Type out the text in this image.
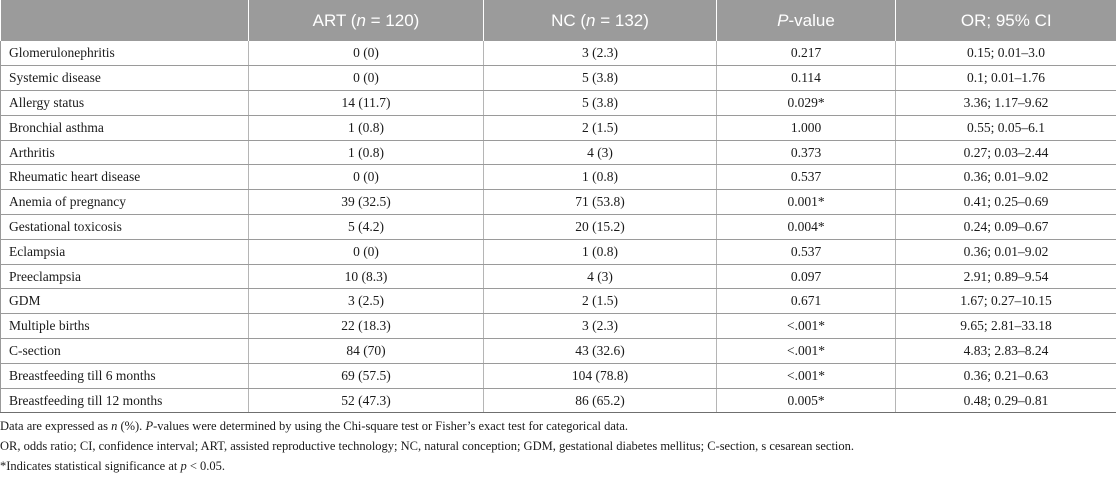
	ART (n = 120)	NC (n = 132)	P-value	OR; 95% CI
Glomerulonephritis	0 (0)	3 (2.3)	0.217	0.15; 0.01–3.0
Systemic disease	0 (0)	5 (3.8)	0.114	0.1; 0.01–1.76
Allergy status	14 (11.7)	5 (3.8)	0.029*	3.36; 1.17–9.62
Bronchial asthma	1 (0.8)	2 (1.5)	1.000	0.55; 0.05–6.1
Arthritis	1 (0.8)	4 (3)	0.373	0.27; 0.03–2.44
Rheumatic heart disease	0 (0)	1 (0.8)	0.537	0.36; 0.01–9.02
Anemia of pregnancy	39 (32.5)	71 (53.8)	0.001*	0.41; 0.25–0.69
Gestational toxicosis	5 (4.2)	20 (15.2)	0.004*	0.24; 0.09–0.67
Eclampsia	0 (0)	1 (0.8)	0.537	0.36; 0.01–9.02
Preeclampsia	10 (8.3)	4 (3)	0.097	2.91; 0.89–9.54
GDM	3 (2.5)	2 (1.5)	0.671	1.67; 0.27–10.15
Multiple births	22 (18.3)	3 (2.3)	<.001*	9.65; 2.81–33.18
C-section	84 (70)	43 (32.6)	<.001*	4.83; 2.83–8.24
Breastfeeding till 6 months	69 (57.5)	104 (78.8)	<.001*	0.36; 0.21–0.63
Breastfeeding till 12 months	52 (47.3)	86 (65.2)	0.005*	0.48; 0.29–0.81

Data are expressed as n (%). P-values were determined by using the Chi-square test or Fisher’s exact test for categorical data.

OR, odds ratio; CI, confidence interval; ART, assisted reproductive technology; NC, natural conception; GDM, gestational diabetes mellitus; C-section, s cesarean section.

*Indicates statistical significance at p < 0.05.
